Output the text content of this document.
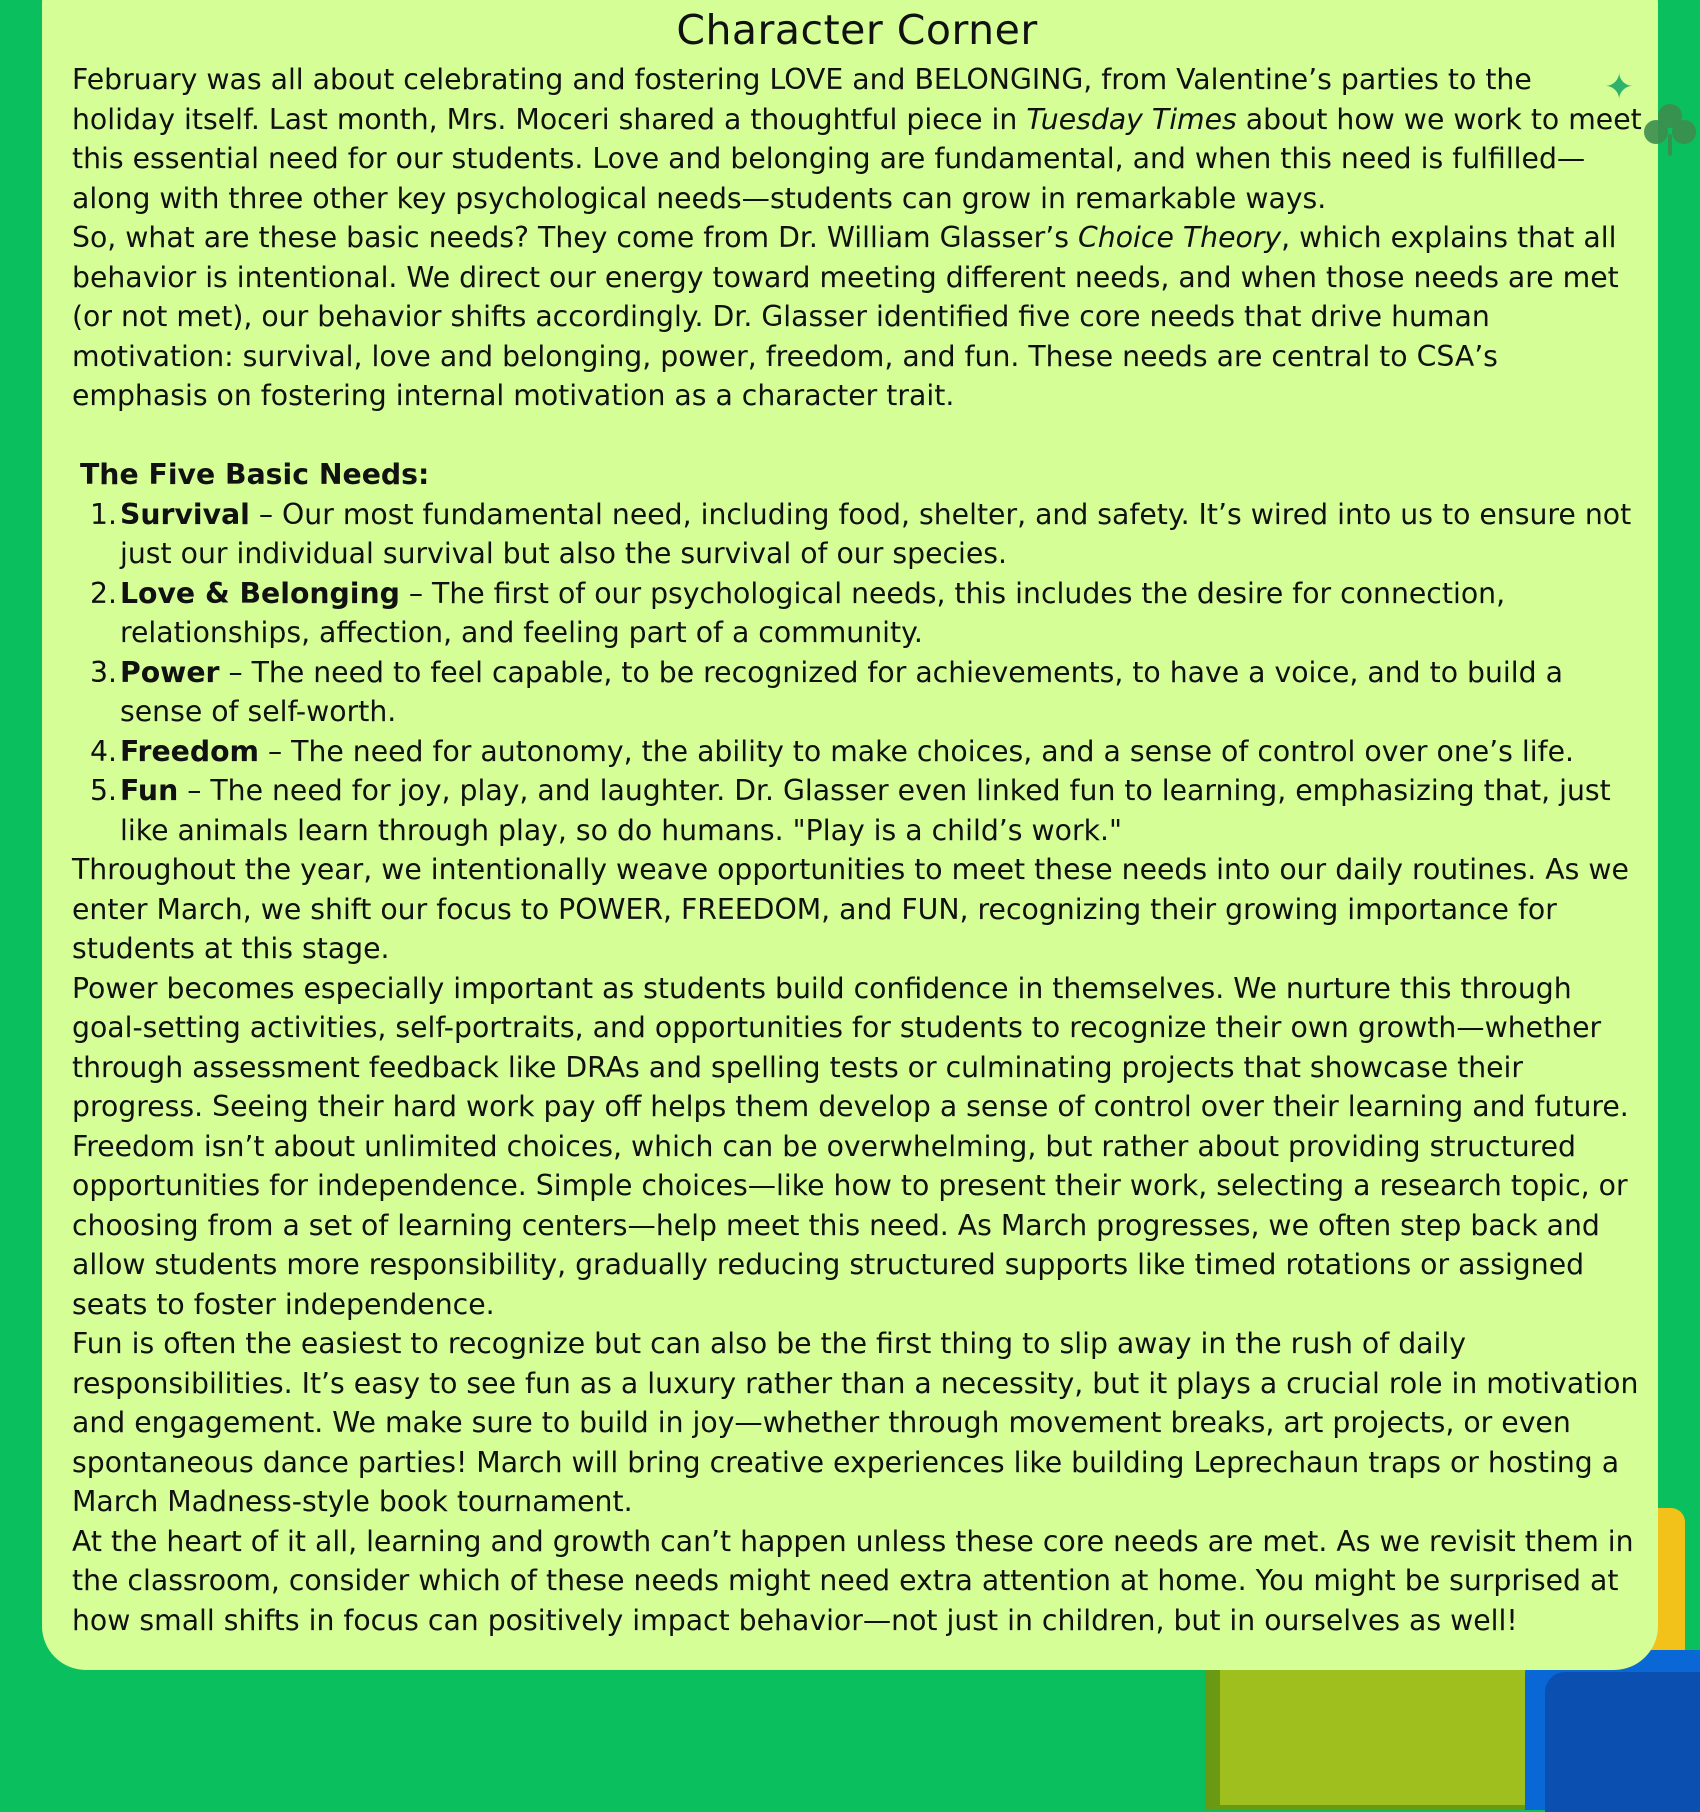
✦
Character Corner

February was all about celebrating and fostering LOVE and BELONGING, from Valentine’s parties to the holiday itself. Last month, Mrs. Moceri shared a thoughtful piece in Tuesday Times about how we work to meet this essential need for our students. Love and belonging are fundamental, and when this need is fulfilled—along with three other key psychological needs—students can grow in remarkable ways.

So, what are these basic needs? They come from Dr. William Glasser’s Choice Theory, which explains that all behavior is intentional. We direct our energy toward meeting different needs, and when those needs are met (or not met), our behavior shifts accordingly. Dr. Glasser identified five core needs that drive human motivation: survival, love and belonging, power, freedom, and fun. These needs are central to CSA’s emphasis on fostering internal motivation as a character trait.

The Five Basic Needs:

1. Survival – Our most fundamental need, including food, shelter, and safety. It’s wired into us to ensure not just our individual survival but also the survival of our species.
2. Love & Belonging – The first of our psychological needs, this includes the desire for connection, relationships, affection, and feeling part of a community.
3. Power – The need to feel capable, to be recognized for achievements, to have a voice, and to build a sense of self-worth.
4. Freedom – The need for autonomy, the ability to make choices, and a sense of control over one’s life.
5. Fun – The need for joy, play, and laughter. Dr. Glasser even linked fun to learning, emphasizing that, just like animals learn through play, so do humans. "Play is a child’s work."

Throughout the year, we intentionally weave opportunities to meet these needs into our daily routines. As we enter March, we shift our focus to POWER, FREEDOM, and FUN, recognizing their growing importance for students at this stage.

Power becomes especially important as students build confidence in themselves. We nurture this through goal-setting activities, self-portraits, and opportunities for students to recognize their own growth—whether through assessment feedback like DRAs and spelling tests or culminating projects that showcase their progress. Seeing their hard work pay off helps them develop a sense of control over their learning and future.

Freedom isn’t about unlimited choices, which can be overwhelming, but rather about providing structured opportunities for independence. Simple choices—like how to present their work, selecting a research topic, or choosing from a set of learning centers—help meet this need. As March progresses, we often step back and allow students more responsibility, gradually reducing structured supports like timed rotations or assigned seats to foster independence.

Fun is often the easiest to recognize but can also be the first thing to slip away in the rush of daily responsibilities. It’s easy to see fun as a luxury rather than a necessity, but it plays a crucial role in motivation and engagement. We make sure to build in joy—whether through movement breaks, art projects, or even spontaneous dance parties! March will bring creative experiences like building Leprechaun traps or hosting a March Madness-style book tournament.

At the heart of it all, learning and growth can’t happen unless these core needs are met. As we revisit them in the classroom, consider which of these needs might need extra attention at home. You might be surprised at how small shifts in focus can positively impact behavior—not just in children, but in ourselves as well!
